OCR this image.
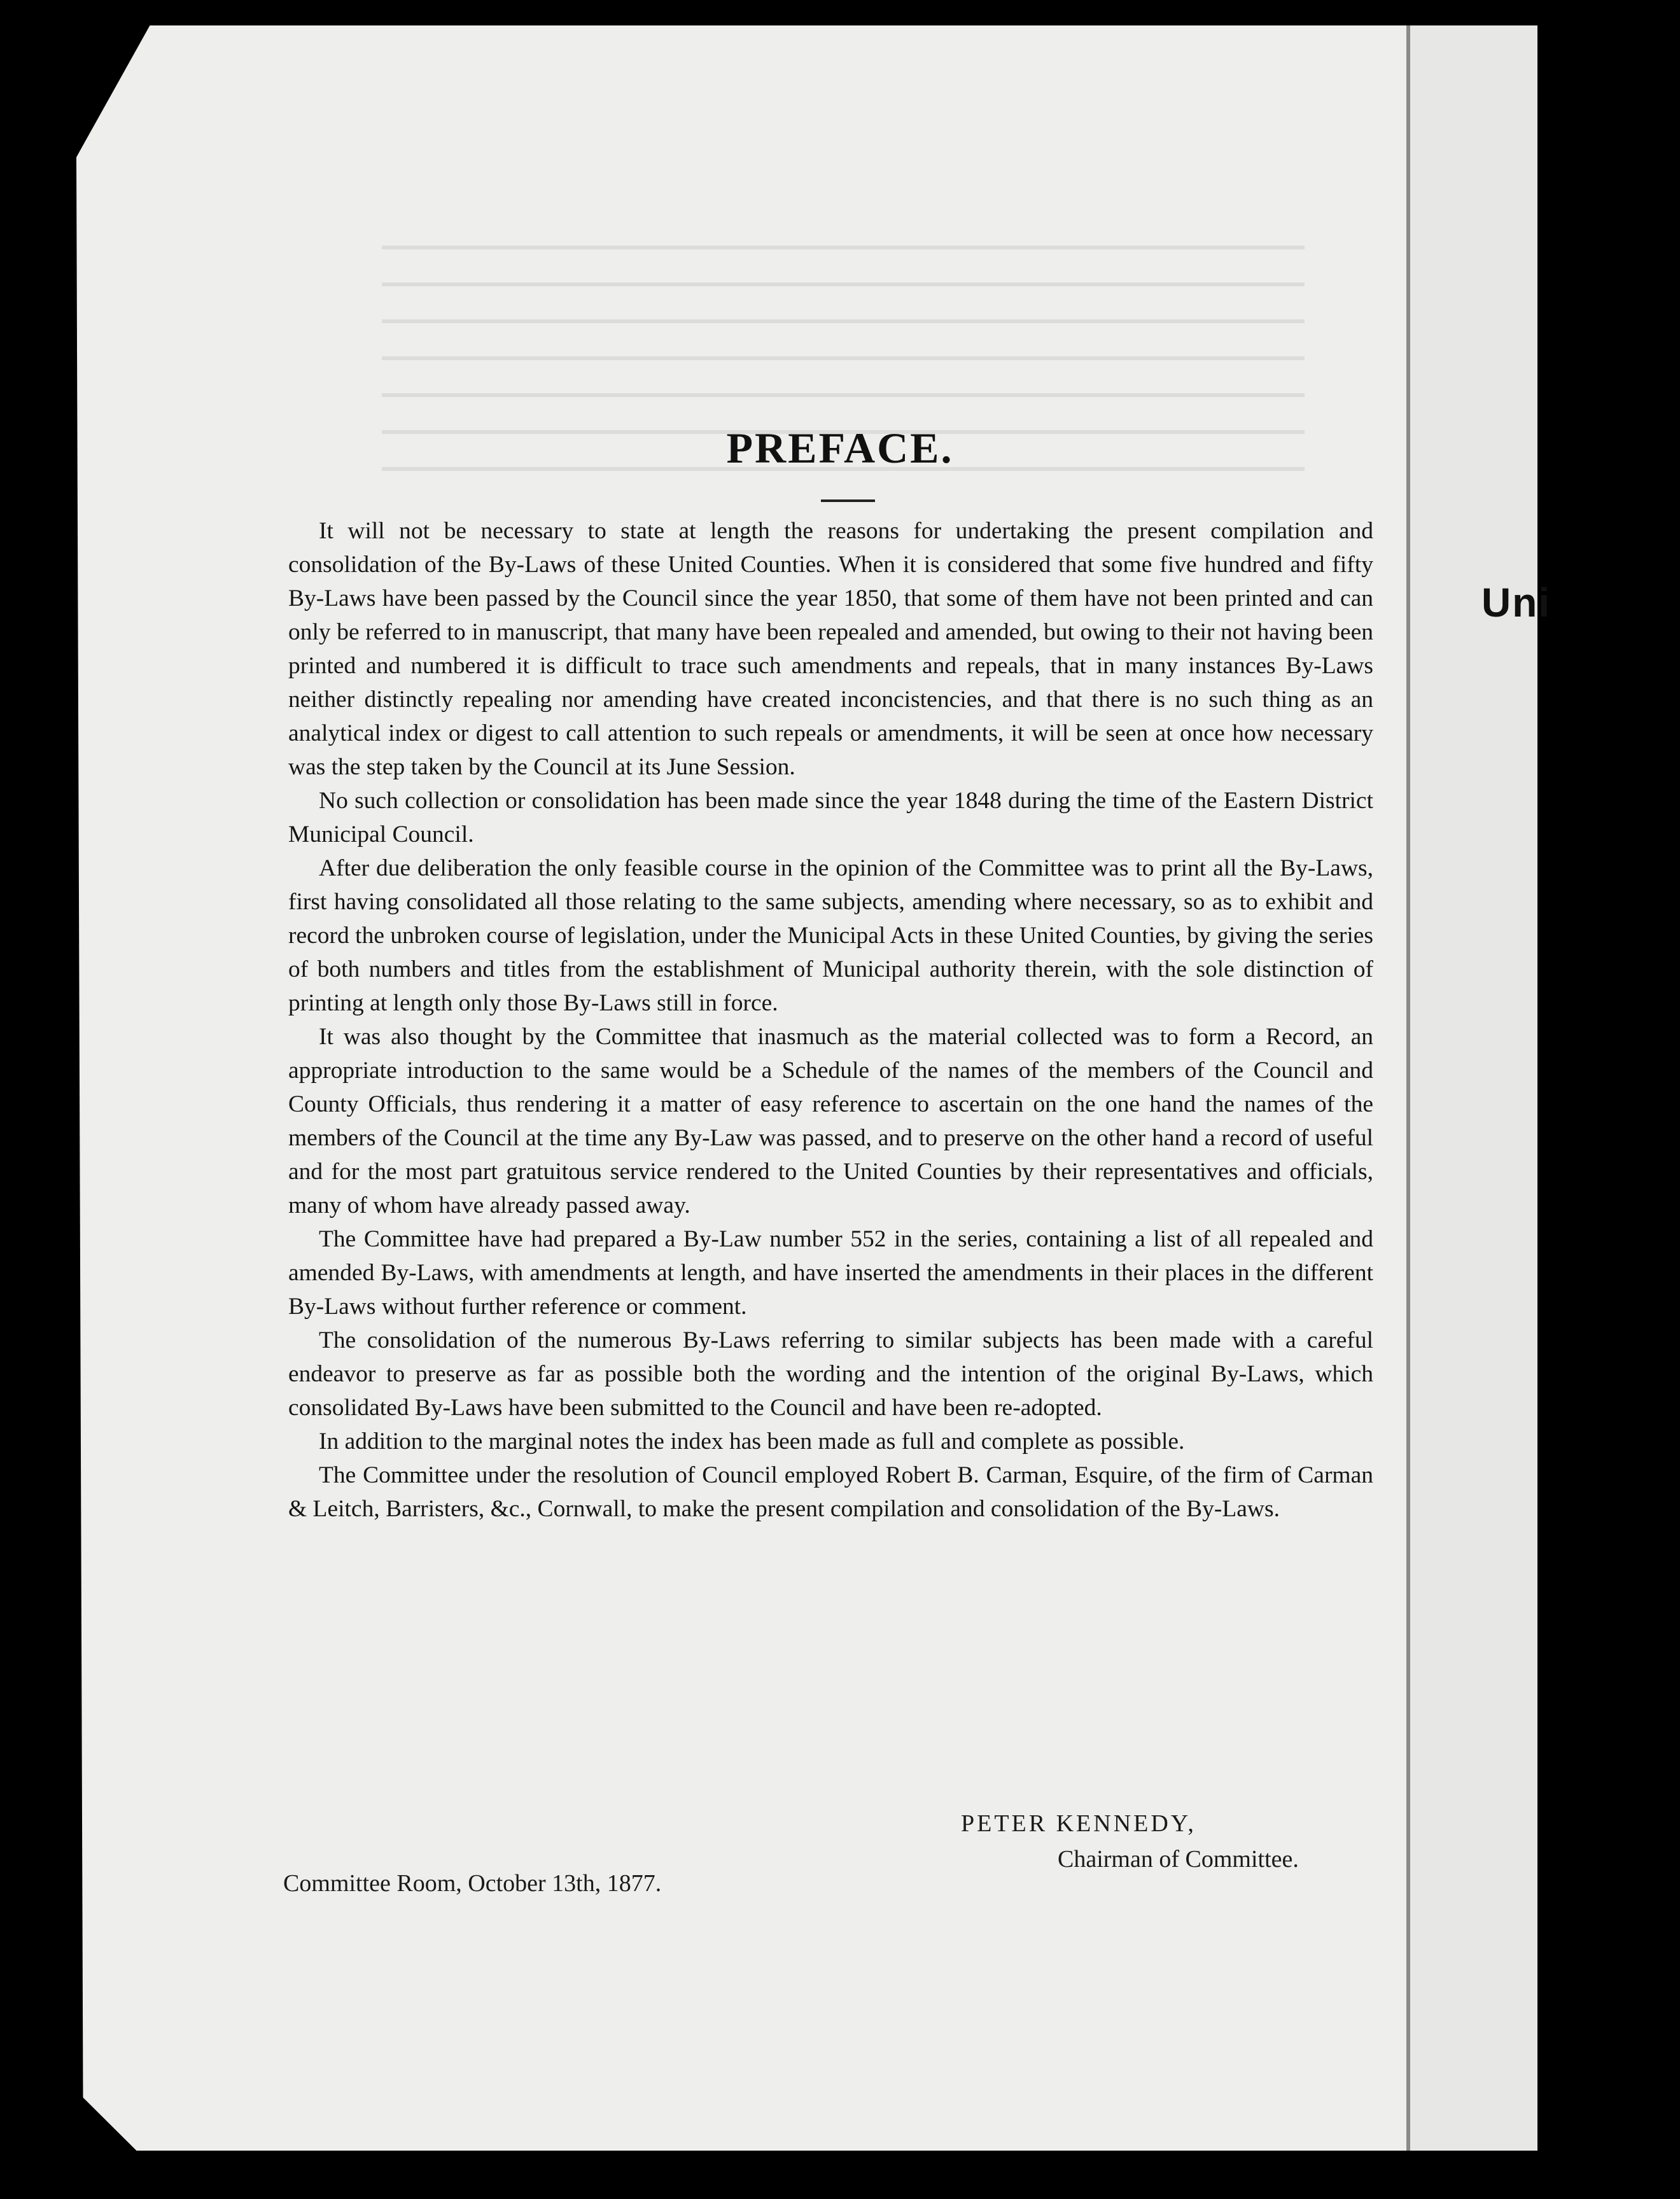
Uni
PREFACE.

It will not be necessary to state at length the reasons for undertaking the present compilation and consolidation of the By-Laws of these United Counties. When it is considered that some five hundred and fifty By-Laws have been passed by the Council since the year 1850, that some of them have not been printed and can only be referred to in manuscript, that many have been repealed and amended, but owing to their not having been printed and numbered it is difficult to trace such amendments and repeals, that in many instances By-Laws neither distinctly repealing nor amending have created inconcistencies, and that there is no such thing as an analytical index or digest to call attention to such repeals or amendments, it will be seen at once how necessary was the step taken by the Council at its June Session.

No such collection or consolidation has been made since the year 1848 during the time of the Eastern District Municipal Council.

After due deliberation the only feasible course in the opinion of the Committee was to print all the By-Laws, first having consolidated all those relating to the same subjects, amending where necessary, so as to exhibit and record the unbroken course of legislation, under the Municipal Acts in these United Counties, by giving the series of both numbers and titles from the establishment of Municipal authority therein, with the sole distinction of printing at length only those By-Laws still in force.

It was also thought by the Committee that inasmuch as the material collected was to form a Record, an appropriate introduction to the same would be a Schedule of the names of the members of the Council and County Officials, thus rendering it a matter of easy reference to ascertain on the one hand the names of the members of the Council at the time any By-Law was passed, and to preserve on the other hand a record of useful and for the most part gratuitous service rendered to the United Counties by their representatives and officials, many of whom have already passed away.

The Committee have had prepared a By-Law number 552 in the series, containing a list of all repealed and amended By-Laws, with amendments at length, and have inserted the amendments in their places in the different By-Laws without further reference or comment.

The consolidation of the numerous By-Laws referring to similar subjects has been made with a careful endeavor to preserve as far as possible both the wording and the intention of the original By-Laws, which consolidated By-Laws have been submitted to the Council and have been re-adopted.

In addition to the marginal notes the index has been made as full and complete as possible.

The Committee under the resolution of Council employed Robert B. Carman, Esquire, of the firm of Carman & Leitch, Barristers, &c., Cornwall, to make the present compilation and consolidation of the By-Laws.

PETER KENNEDY,
Chairman of Committee.
Committee Room, October 13th, 1877.
